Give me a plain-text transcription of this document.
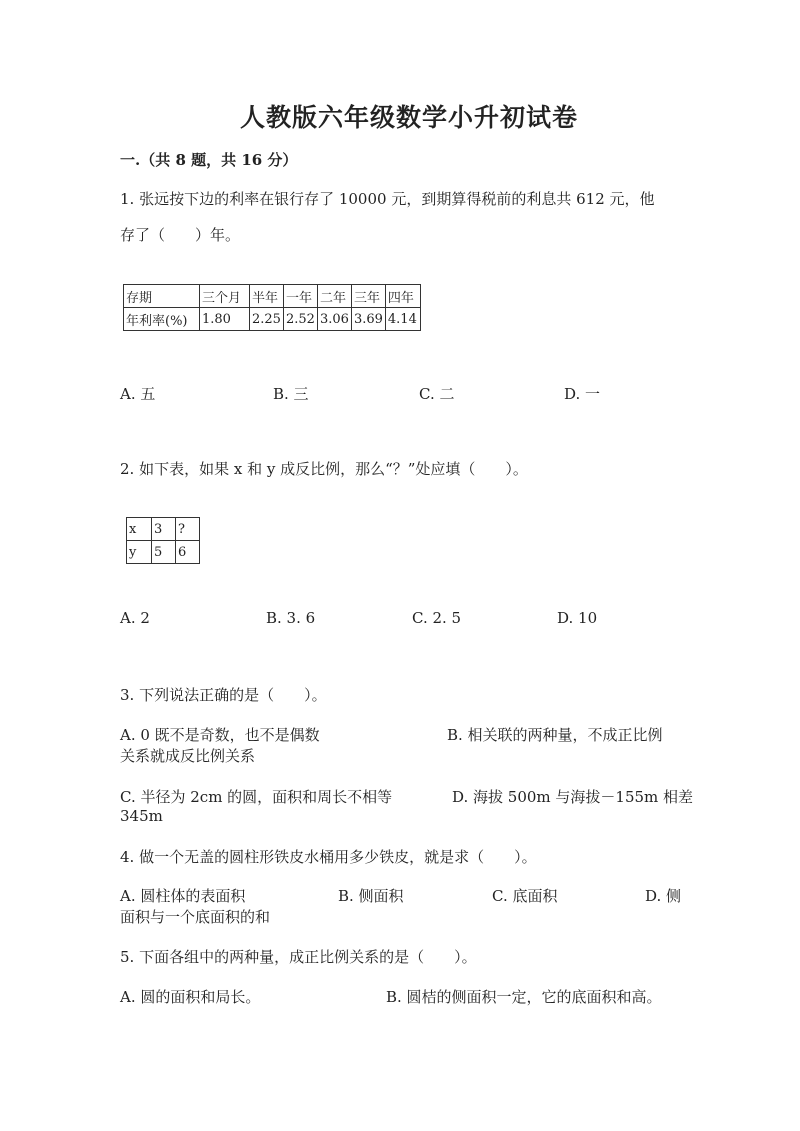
人教版六年级数学小升初试卷
一.（共 8 题，共 16 分）
1. 张远按下边的利率在银行存了 10000 元，到期算得税前的利息共 612 元，他
存了（　　）年。
存期	三个月	半年	一年	二年	三年	四年
年利率(%)	1.80	2.25	2.52	3.06	3.69	4.14
A. 五	B. 三	C. 二	D. 一
2. 如下表，如果 x 和 y 成反比例，那么“？”处应填（　　）。
x	3	?
y	5	6
A. 2	B. 3. 6	C. 2. 5	D. 10
3. 下列说法正确的是（　　）。
A. 0 既不是奇数，也不是偶数	B. 相关联的两种量，不成正比例
关系就成反比例关系
C. 半径为 2cm 的圆，面积和周长不相等	D. 海拔 500m 与海拔－155m 相差
345m
4. 做一个无盖的圆柱形铁皮水桶用多少铁皮，就是求（　　）。
A. 圆柱体的表面积	B. 侧面积	C. 底面积	D. 侧
面积与一个底面积的和
5. 下面各组中的两种量，成正比例关系的是（　　）。
A. 圆的面积和局长。	B. 圆桔的侧面积一定，它的底面积和高。
